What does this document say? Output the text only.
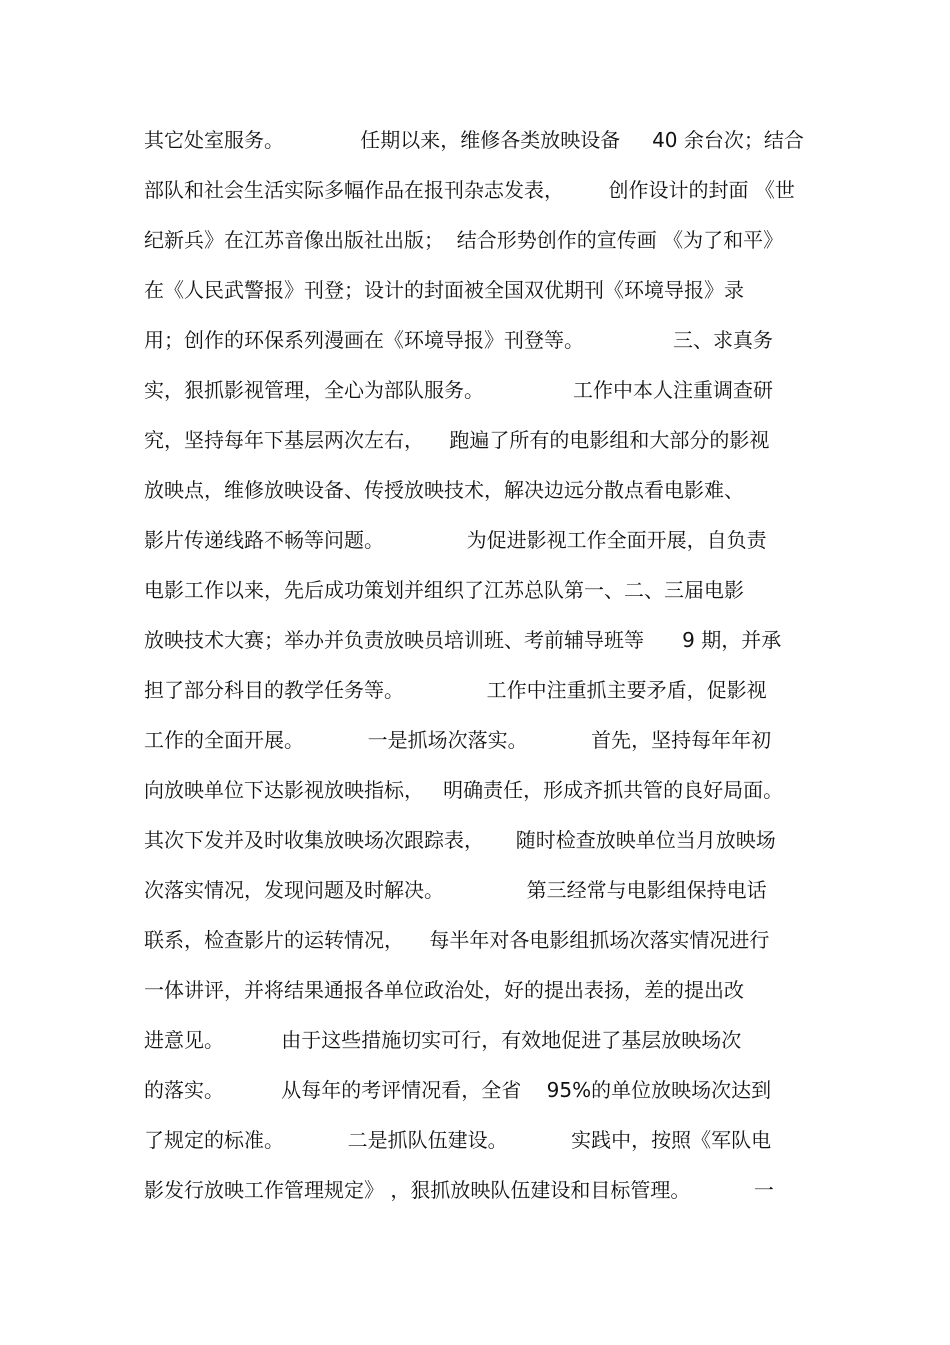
其它处室服务。            任期以来，维修各类放映设备     40 余台次；结合
部队和社会生活实际多幅作品在报刊杂志发表，       创作设计的封面 《世
纪新兵》在江苏音像出版社出版；  结合形势创作的宣传画 《为了和平》
在《人民武警报》刊登；设计的封面被全国双优期刊《环境导报》录
用；创作的环保系列漫画在《环境导报》刊登等。              三、求真务
实，狠抓影视管理，全心为部队服务。              工作中本人注重调查研
究，坚持每年下基层两次左右，    跑遍了所有的电影组和大部分的影视
放映点，维修放映设备、传授放映技术，解决边远分散点看电影难、
影片传递线路不畅等问题。             为促进影视工作全面开展，自负责
电影工作以来，先后成功策划并组织了江苏总队第一、二、三届电影
放映技术大赛；举办并负责放映员培训班、考前辅导班等      9 期，并承
担了部分科目的教学任务等。             工作中注重抓主要矛盾，促影视
工作的全面开展。          一是抓场次落实。          首先，坚持每年年初
向放映单位下达影视放映指标，   明确责任，形成齐抓共管的良好局面。
其次下发并及时收集放映场次跟踪表，     随时检查放映单位当月放映场
次落实情况，发现问题及时解决。             第三经常与电影组保持电话
联系，检查影片的运转情况，    每半年对各电影组抓场次落实情况进行
一体讲评，并将结果通报各单位政治处，好的提出表扬，差的提出改
进意见。         由于这些措施切实可行，有效地促进了基层放映场次
的落实。         从每年的考评情况看，全省    95%的单位放映场次达到
了规定的标准。          二是抓队伍建设。          实践中，按照《军队电
影发行放映工作管理规定》 ，狠抓放映队伍建设和目标管理。          一
